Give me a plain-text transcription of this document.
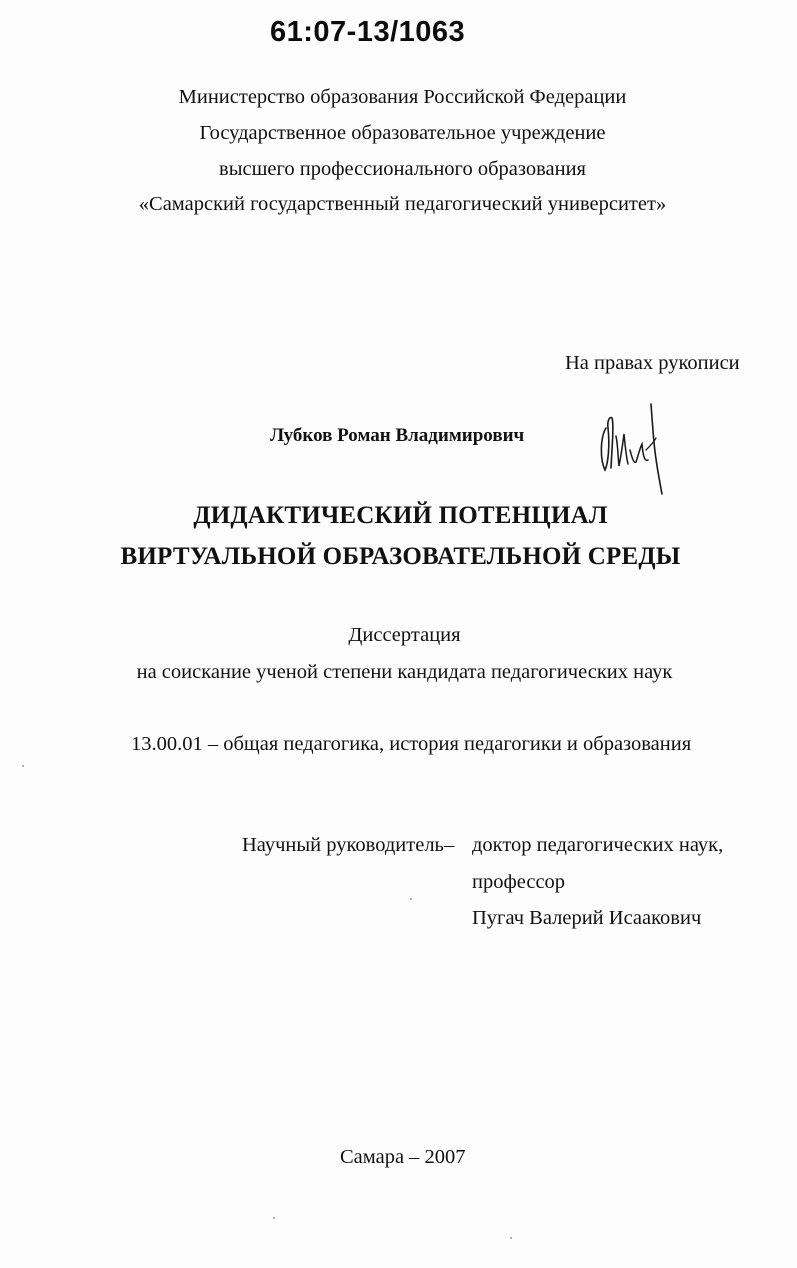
61:07-13/1063
Министерство образования Российской Федерации
Государственное образовательное учреждение
высшего профессионального образования
«Самарский государственный педагогический университет»
На правах рукописи
Лубков Роман Владимирович
ДИДАКТИЧЕСКИЙ ПОТЕНЦИАЛ
ВИРТУАЛЬНОЙ ОБРАЗОВАТЕЛЬНОЙ СРЕДЫ
Диссертация
на соискание ученой степени кандидата педагогических наук
13.00.01 – общая педагогика, история педагогики и образования
Научный руководитель – доктор педагогических наук,
профессор
Пугач Валерий Исаакович
Самара – 2007
